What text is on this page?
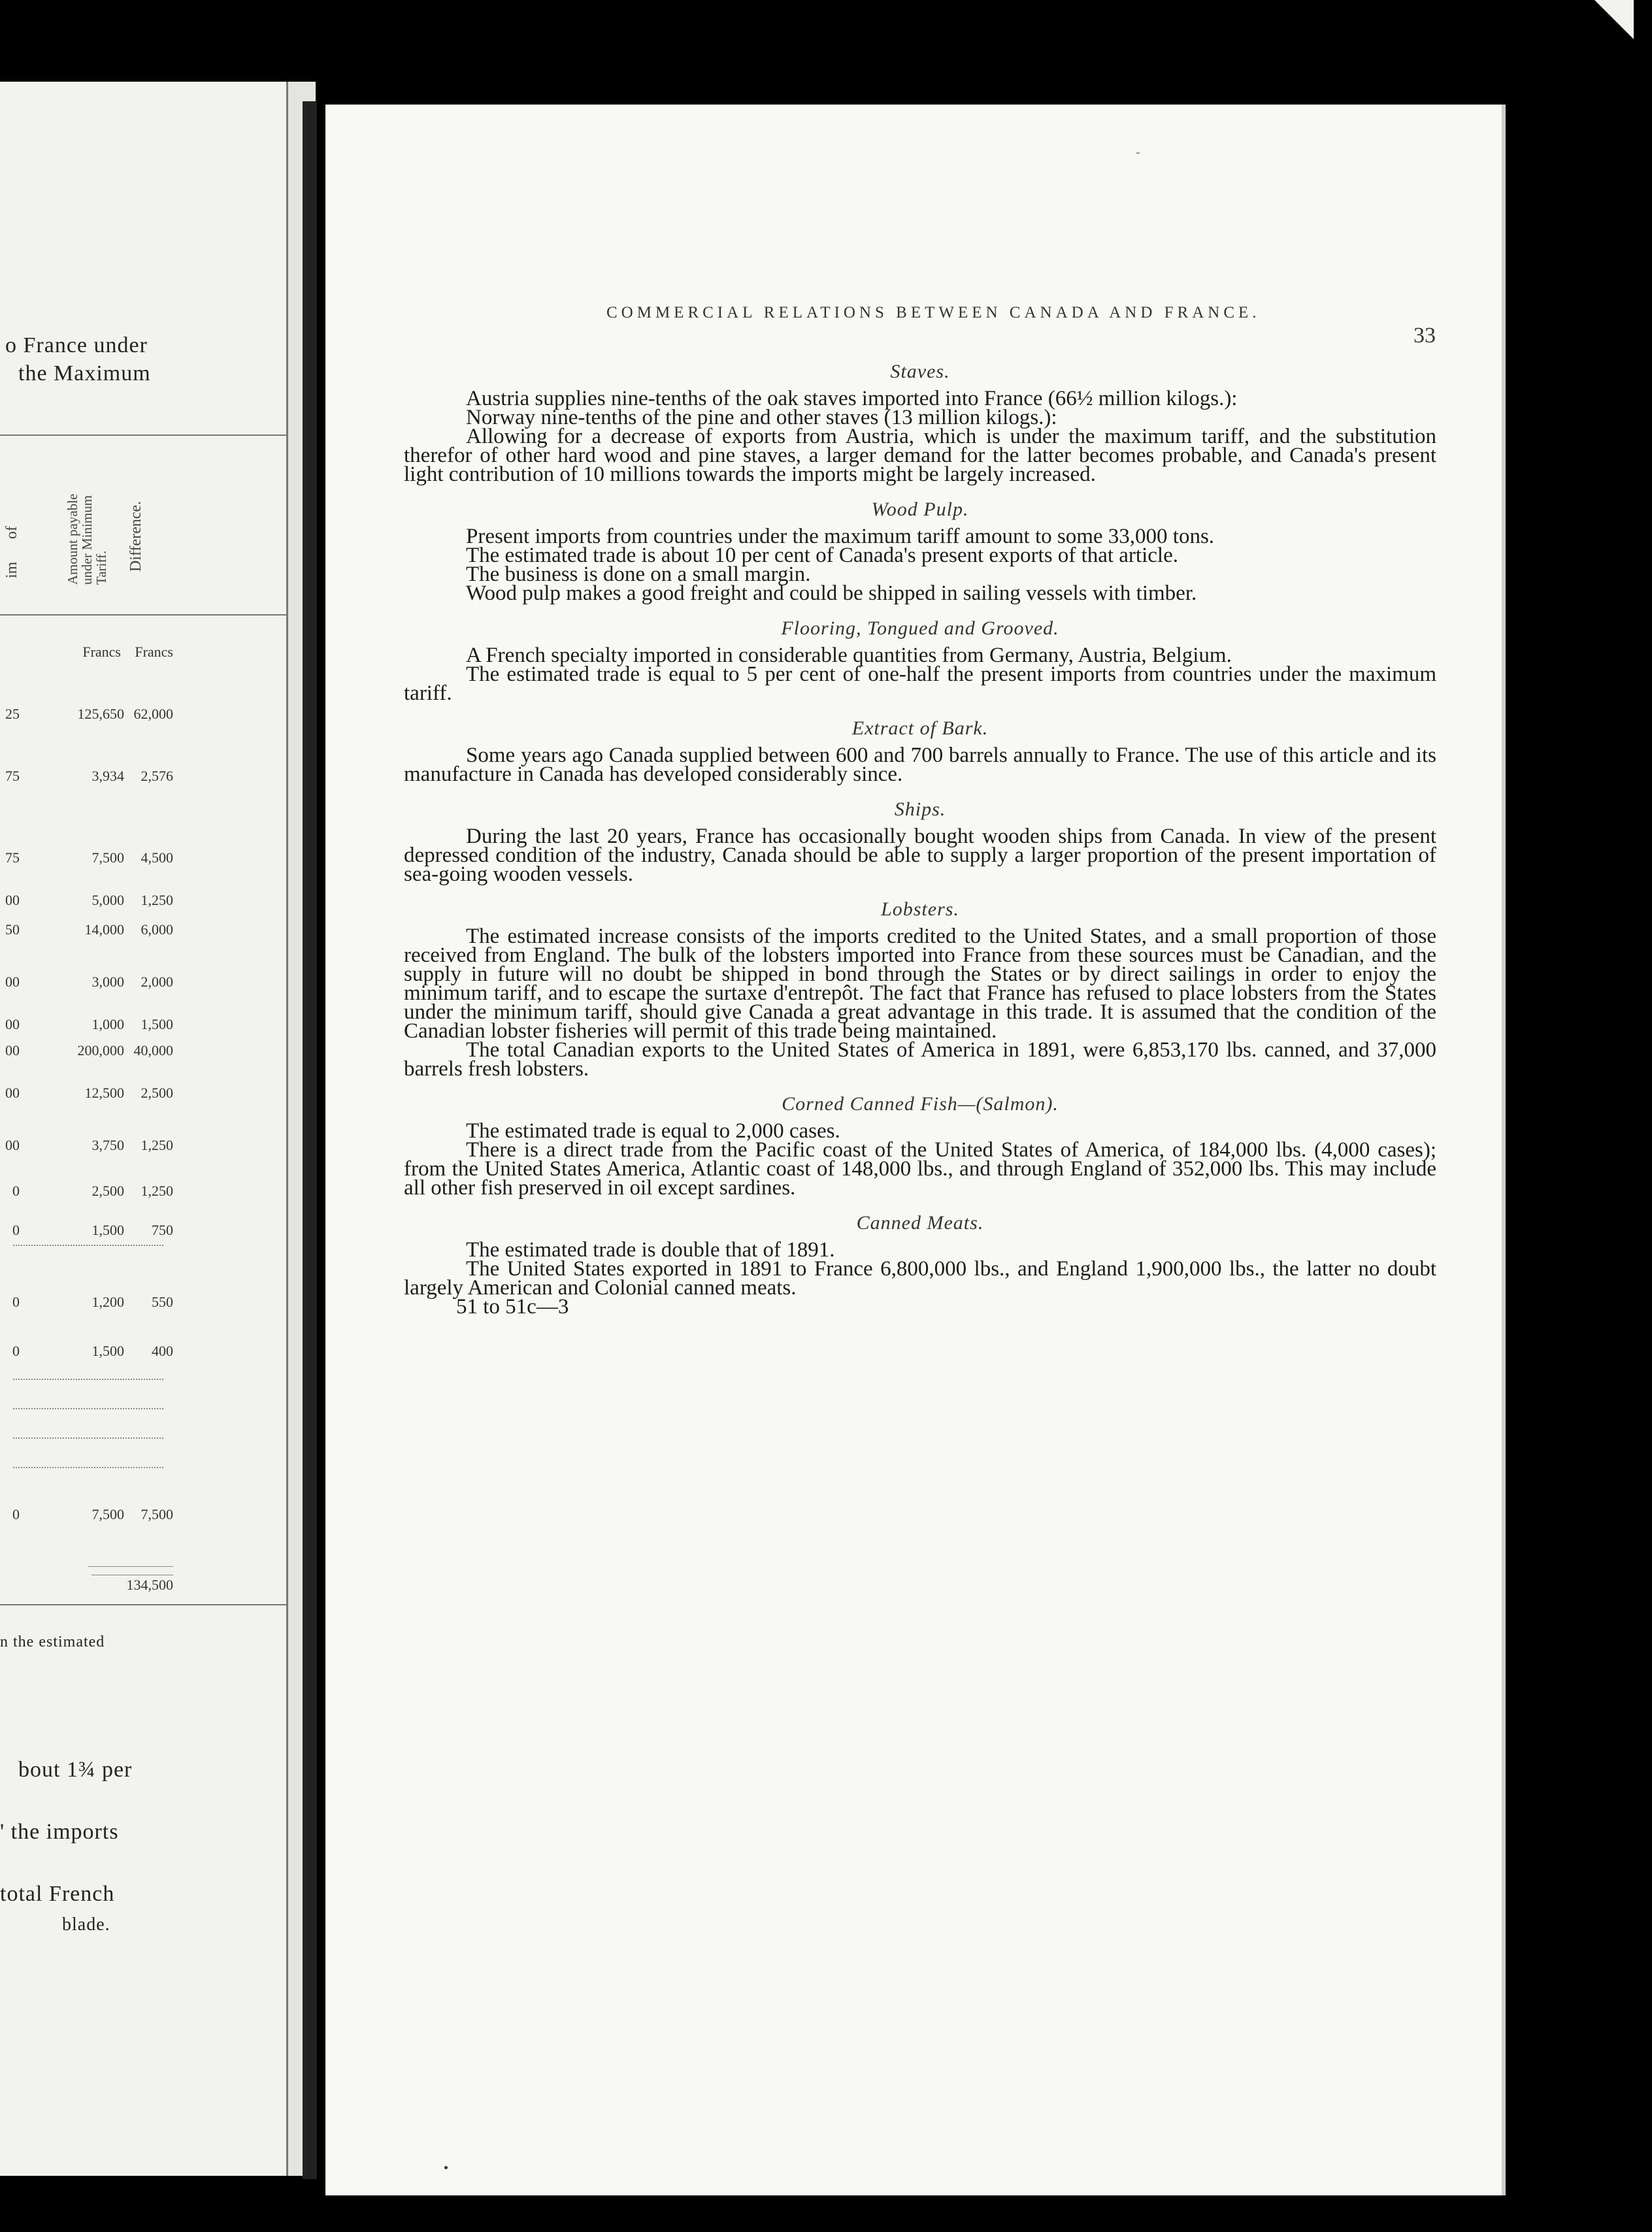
o France under
the Maximum
of
im	Amount payable under Minimum Tariff. Difference.
Francs Francs
25	125,650 62,000
75	3,934	2,576
75	7,500	4,500
00	5,000	1,250
50	14,000	6,000
00	3,000	2,000
00	1,000	1,500
00	200,000 40,000
00	12,500	2,500
00	3,750	1,250
0	2,500	1,250
0	1,500	750
0	1,200	550
0	1,500	400
0	7,500	7,500
134,500
n the estimated
bout 1¾ per
' the imports
total French
blade.
-
COMMERCIAL RELATIONS BETWEEN CANADA AND FRANCE.
33
Staves.

Austria supplies nine-tenths of the oak staves imported into France (66½ million kilogs.):

Norway nine-tenths of the pine and other staves (13 million kilogs.):

Allowing for a decrease of exports from Austria, which is under the maximum tariff, and the substitution therefor of other hard wood and pine staves, a larger demand for the latter becomes probable, and Canada's present light contribution of 10 millions towards the imports might be largely increased.

Wood Pulp.

Present imports from countries under the maximum tariff amount to some 33,000 tons.

The estimated trade is about 10 per cent of Canada's present exports of that article.

The business is done on a small margin.

Wood pulp makes a good freight and could be shipped in sailing vessels with timber.

Flooring, Tongued and Grooved.

A French specialty imported in considerable quantities from Germany, Austria, Belgium.

The estimated trade is equal to 5 per cent of one-half the present imports from countries under the maximum tariff.

Extract of Bark.

Some years ago Canada supplied between 600 and 700 barrels annually to France. The use of this article and its manufacture in Canada has developed considerably since.

Ships.

During the last 20 years, France has occasionally bought wooden ships from Canada. In view of the present depressed condition of the industry, Canada should be able to supply a larger proportion of the present importation of sea-going wooden vessels.

Lobsters.

The estimated increase consists of the imports credited to the United States, and a small proportion of those received from England. The bulk of the lobsters imported into France from these sources must be Canadian, and the supply in future will no doubt be shipped in bond through the States or by direct sailings in order to enjoy the minimum tariff, and to escape the surtaxe d'entrepôt. The fact that France has refused to place lobsters from the States under the minimum tariff, should give Canada a great advantage in this trade. It is assumed that the condition of the Canadian lobster fisheries will permit of this trade being maintained.

The total Canadian exports to the United States of America in 1891, were 6,853,170 lbs. canned, and 37,000 barrels fresh lobsters.

Corned Canned Fish—(Salmon).

The estimated trade is equal to 2,000 cases.

There is a direct trade from the Pacific coast of the United States of America, of 184,000 lbs. (4,000 cases); from the United States America, Atlantic coast of 148,000 lbs., and through England of 352,000 lbs. This may include all other fish preserved in oil except sardines.

Canned Meats.

The estimated trade is double that of 1891.

The United States exported in 1891 to France 6,800,000 lbs., and England 1,900,000 lbs., the latter no doubt largely American and Colonial canned meats.

51 to 51c—3
